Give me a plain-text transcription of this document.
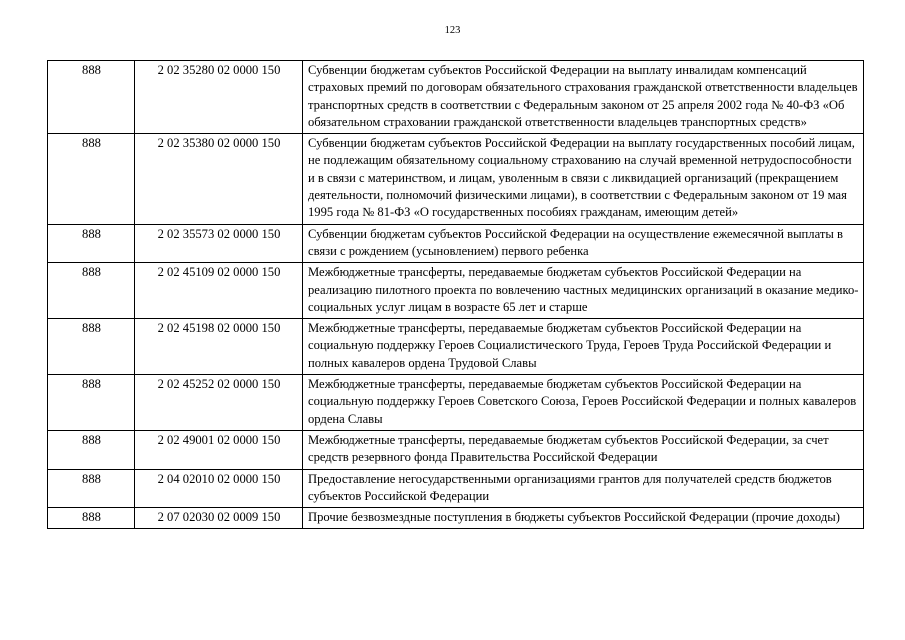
123
888	2 02 35280 02 0000 150	Субвенции бюджетам субъектов Российской Федерации на выплату инвалидам компенсаций страховых премий по договорам обязательного страхования гражданской ответственности владельцев транспортных средств в соответствии с Федеральным законом от 25 апреля 2002 года № 40-ФЗ «Об обязательном страховании гражданской ответственности владельцев транспортных средств»
888	2 02 35380 02 0000 150	Субвенции бюджетам субъектов Российской Федерации на выплату государственных пособий лицам, не подлежащим обязательному социальному страхованию на случай временной нетрудоспособности и в связи с материнством, и лицам, уволенным в связи с ликвидацией организаций (прекращением деятельности, полномочий физическими лицами), в соответствии с Федеральным законом от 19 мая 1995 года № 81-ФЗ «О государственных пособиях гражданам, имеющим детей»
888	2 02 35573 02 0000 150	Субвенции бюджетам субъектов Российской Федерации на осуществление ежемесячной выплаты в связи с рождением (усыновлением) первого ребенка
888	2 02 45109 02 0000 150	Межбюджетные трансферты, передаваемые бюджетам субъектов Российской Федерации на реализацию пилотного проекта по вовлечению частных медицинских организаций в оказание медико-социальных услуг лицам в возрасте 65 лет и старше
888	2 02 45198 02 0000 150	Межбюджетные трансферты, передаваемые бюджетам субъектов Российской Федерации на социальную поддержку Героев Социалистического Труда, Героев Труда Российской Федерации и полных кавалеров ордена Трудовой Славы
888	2 02 45252 02 0000 150	Межбюджетные трансферты, передаваемые бюджетам субъектов Российской Федерации на социальную поддержку Героев Советского Союза, Героев Российской Федерации и полных кавалеров ордена Славы
888	2 02 49001 02 0000 150	Межбюджетные трансферты, передаваемые бюджетам субъектов Российской Федерации, за счет средств резервного фонда Правительства Российской Федерации
888	2 04 02010 02 0000 150	Предоставление негосударственными организациями грантов для получателей средств бюджетов субъектов Российской Федерации
888	2 07 02030 02 0009 150	Прочие безвозмездные поступления в бюджеты субъектов Российской Федерации (прочие доходы)
